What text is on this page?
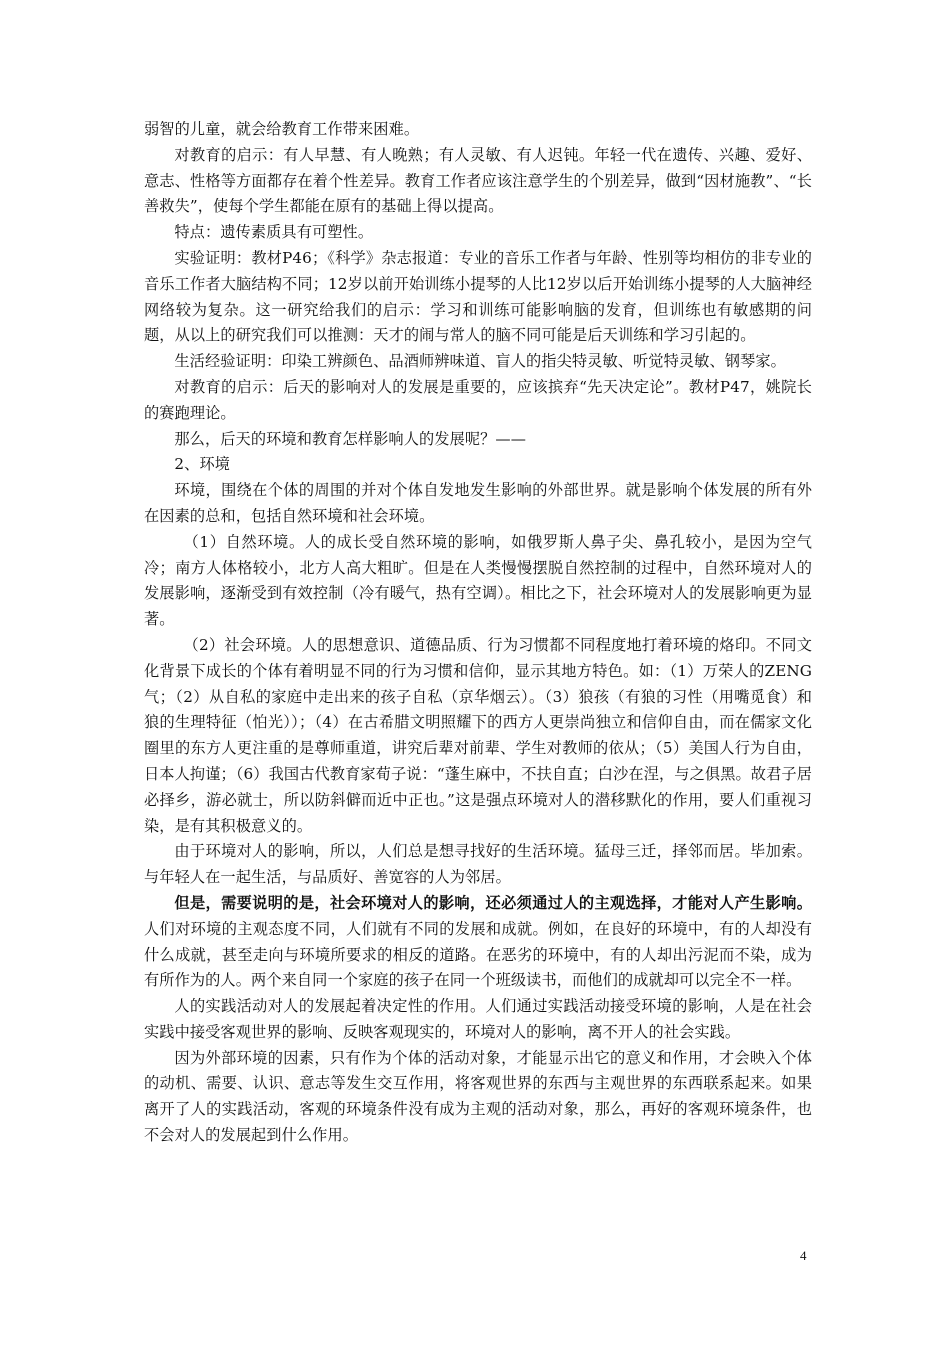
弱智的儿童，就会给教育工作带来困难。

对教育的启示：有人早慧、有人晚熟；有人灵敏、有人迟钝。年轻一代在遗传、兴趣、爱好、意志、性格等方面都存在着个性差异。教育工作者应该注意学生的个别差异，做到“因材施教”、“长善救失”，使每个学生都能在原有的基础上得以提高。

特点：遗传素质具有可塑性。

实验证明：教材P46；《科学》杂志报道：专业的音乐工作者与年龄、性别等均相仿的非专业的音乐工作者大脑结构不同；12岁以前开始训练小提琴的人比12岁以后开始训练小提琴的人大脑神经网络较为复杂。这一研究给我们的启示：学习和训练可能影响脑的发育，但训练也有敏感期的问题，从以上的研究我们可以推测：天才的闹与常人的脑不同可能是后天训练和学习引起的。

生活经验证明：印染工辨颜色、品酒师辨味道、盲人的指尖特灵敏、听觉特灵敏、钢琴家。

对教育的启示：后天的影响对人的发展是重要的，应该摈弃“先天决定论”。教材P47，姚院长的赛跑理论。

那么，后天的环境和教育怎样影响人的发展呢？——

2、环境

环境，围绕在个体的周围的并对个体自发地发生影响的外部世界。就是影响个体发展的所有外在因素的总和，包括自然环境和社会环境。

（1）自然环境。人的成长受自然环境的影响，如俄罗斯人鼻子尖、鼻孔较小，是因为空气冷；南方人体格较小，北方人高大粗旷。但是在人类慢慢摆脱自然控制的过程中，自然环境对人的发展影响，逐渐受到有效控制（冷有暖气，热有空调）。相比之下，社会环境对人的发展影响更为显著。

（2）社会环境。人的思想意识、道德品质、行为习惯都不同程度地打着环境的烙印。不同文化背景下成长的个体有着明显不同的行为习惯和信仰，显示其地方特色。如：（1）万荣人的ZENG气；（2）从自私的家庭中走出来的孩子自私（京华烟云）。（3）狼孩（有狼的习性（用嘴觅食）和狼的生理特征（怕光））；（4）在古希腊文明照耀下的西方人更崇尚独立和信仰自由，而在儒家文化圈里的东方人更注重的是尊师重道，讲究后辈对前辈、学生对教师的依从；（5）美国人行为自由，日本人拘谨；（6）我国古代教育家荀子说：“蓬生麻中，不扶自直；白沙在涅，与之俱黑。故君子居必择乡，游必就士，所以防斜僻而近中正也。”这是强点环境对人的潜移默化的作用，要人们重视习染，是有其积极意义的。

由于环境对人的影响，所以，人们总是想寻找好的生活环境。猛母三迁，择邻而居。毕加索。与年轻人在一起生活，与品质好、善宽容的人为邻居。

但是，需要说明的是，社会环境对人的影响，还必须通过人的主观选择，才能对人产生影响。人们对环境的主观态度不同，人们就有不同的发展和成就。例如，在良好的环境中，有的人却没有什么成就，甚至走向与环境所要求的相反的道路。在恶劣的环境中，有的人却出污泥而不染，成为有所作为的人。两个来自同一个家庭的孩子在同一个班级读书，而他们的成就却可以完全不一样。

人的实践活动对人的发展起着决定性的作用。人们通过实践活动接受环境的影响，人是在社会实践中接受客观世界的影响、反映客观现实的，环境对人的影响，离不开人的社会实践。

因为外部环境的因素，只有作为个体的活动对象，才能显示出它的意义和作用，才会映入个体的动机、需要、认识、意志等发生交互作用，将客观世界的东西与主观世界的东西联系起来。如果离开了人的实践活动，客观的环境条件没有成为主观的活动对象，那么，再好的客观环境条件，也不会对人的发展起到什么作用。

4
